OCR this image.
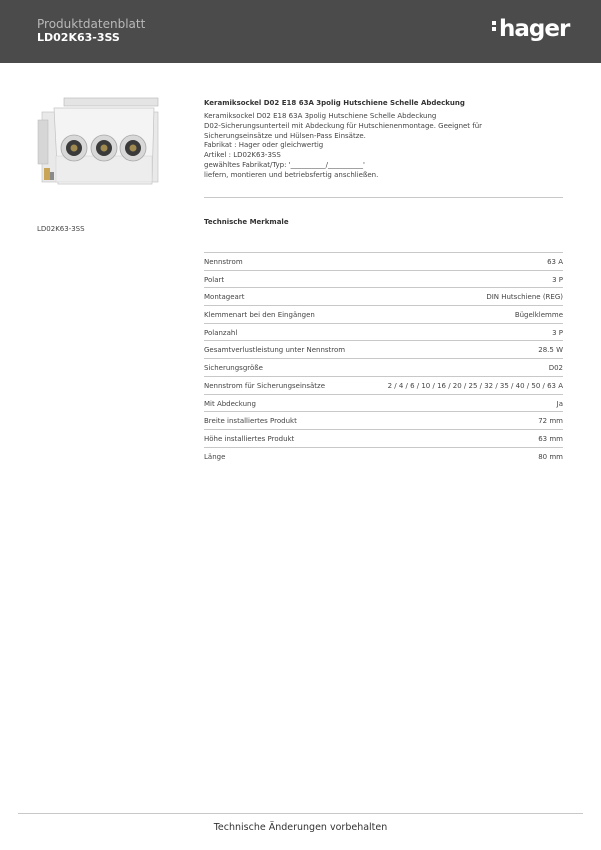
Produktdatenblatt
LD02K63-3SS	hager
LD02K63-3SS
Keramiksockel D02 E18 63A 3polig Hutschiene Schelle Abdeckung
Keramiksockel D02 E18 63A 3polig Hutschiene Schelle Abdeckung
D02-Sicherungsunterteil mit Abdeckung für Hutschienenmontage. Geeignet für
Sicherungseinsätze und Hülsen-Pass Einsätze.
Fabrikat : Hager oder gleichwertig
Artikel : LD02K63-3SS
gewähltes Fabrikat/Typ: '__________/__________'
liefern, montieren und betriebsfertig anschließen.
Technische Merkmale
Nennstrom	63 A
Polart	3 P
Montageart	DIN Hutschiene (REG)
Klemmenart bei den Eingängen	Bügelklemme
Polanzahl	3 P
Gesamtverlustleistung unter Nennstrom	28.5 W
Sicherungsgröße	D02
Nennstrom für Sicherungseinsätze	2 / 4 / 6 / 10 / 16 / 20 / 25 / 32 / 35 / 40 / 50 / 63 A
Mit Abdeckung	Ja
Breite installiertes Produkt	72 mm
Höhe installiertes Produkt	63 mm
Länge	80 mm
Technische Änderungen vorbehalten
